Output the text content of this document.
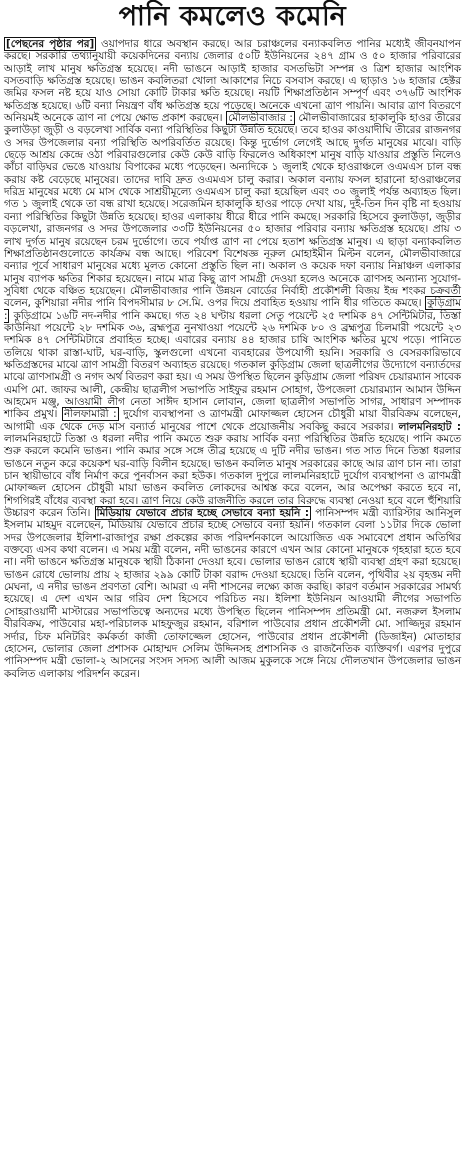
পানি কমলেও কমেনি

[পেছনের পৃষ্ঠার পর] ওয়াপদার ধারে অবস্থান করছে। আর চরাঞ্চলের বন্যাকবলিত পানির মধ্যেই জীবনযাপন করছে। সরকারি তথ্যানুযায়ী কয়েকদিনের বন্যায় জেলার ৫০টি ইউনিয়নের ২৪৭ গ্রাম ও ৫০ হাজার পরিবারের আড়াই লাখ মানুষ ক্ষতিগ্রস্ত হয়েছে। নদী ভাঙনে আড়াই হাজার বসতভিটা সম্পন্ন ও ত্রিশ হাজার আংশিক বসতবাড়ি ক্ষতিগ্রস্ত হয়েছে। ভাঙন কবলিতরা খোলা আকাশের নিচে বসবাস করছে। এ ছাড়াও ১৬ হাজার হেক্টর জমির ফসল নষ্ট হয়ে যাও সোয়া কোটি টাকার ক্ষতি হয়েছে। নয়টি শিক্ষাপ্রতিষ্ঠান সম্পূর্ণ এবং ৩৭৬টি আংশিক ক্ষতিগ্রস্ত হয়েছে। ৬টি বন্যা নিয়ন্ত্রণ বাঁধ ক্ষতিগ্রস্ত হয়ে পড়েছে। অনেকে এখনো ত্রাণ পায়নি। আবার ত্রাণ বিতরণে অনিয়মই অনেকে ত্রাণ না পেয়ে ক্ষোভ প্রকাশ করছেন। মৌলভীবাজার : মৌলভীবাজারের হাকালুকি হাওর তীরের কুলাউড়া জুড়ী ও বড়লেখা সার্বিক বন্যা পরিস্থিতির কিছুটা উন্নতি হয়েছে। তবে হাওর কাওয়াদীঘি তীরের রাজনগর ও সদর উপজেলার বন্যা পরিস্থিতি অপরিবর্তিত রয়েছে। কিন্তু দুর্ভোগ লেগেই আছে দুর্গত মানুষের মাঝে। বাড়ি ছেড়ে আশ্রয় কেন্দ্রে ওঠা পরিবারগুলোর কেউ কেউ বাড়ি ফিরলেও অধিকাংশ মানুষ বাড়ি যাওয়ার প্রস্তুতি নিলেও কাঁচা বাড়িঘর ভেঙে যাওয়ায় বিপাকের মধ্যে পড়েছেন। অন্যদিকে ১ জুলাই থেকে হাওরাঞ্চলে ওএমএস চাল বন্ধ করায় কষ্ট বেড়েছে মানুষের। তাদের দাবি দ্রুত ওএমএস চালু করার। অকাল বন্যায় ফসল হারানো হাওরাঞ্চলের দরিদ্র মানুষের মধ্যে মে মাস থেকে সাশ্রয়ীমূল্যে ওএমএস চালু করা হয়েছিল এবং ৩০ জুলাই পর্যন্ত অব্যাহত ছিল। গত ১ জুলাই থেকে তা বন্ধ রাখা হয়েছে। সরেজমিন হাকালুকি হাওর পাড়ে দেখা যায়, দুই-তিন দিন বৃষ্টি না হওয়ায় বন্যা পরিস্থিতির কিছুটা উন্নতি হয়েছে। হাওর এলাকায় ধীরে ধীরে পানি কমছে। সরকারি হিসেবে কুলাউড়া, জুড়ীর বড়লেখা, রাজনগর ও সদর উপজেলার ৩৩টি ইউনিয়নের ৫০ হাজার পরিবার বন্যায় ক্ষতিগ্রস্ত হয়েছে। প্রায় ৩ লাখ দুর্গত মানুষ রয়েছেন চরম দুর্ভোগে। তবে পর্যাপ্ত ত্রাণ না পেয়ে হতাশ ক্ষতিগ্রস্ত মানুষ। এ ছাড়া বন্যাকবলিত শিক্ষাপ্রতিষ্ঠানগুলোতে কার্যক্রম বন্ধ আছে। পরিবেশ বিশেষজ্ঞ নূরুল মোহাইমীন মিল্টন বলেন, মৌলভীবাজারে বন্যার পূর্বে সাধারণ মানুষের মধ্যে মূলত কোনো প্রস্তুতি ছিল না। অকাল ও কয়েক দফা বন্যায় নিম্নাঞ্চল এলাকার মানুষ ব্যাপক ক্ষতির শিকার হয়েছেন। নামে মাত্র কিছু ত্রাণ সামগ্রী দেওয়া হলেও অনেকে ত্রাণসহ অন্যান্য সুযোগ-সুবিধা থেকে বঞ্চিত হয়েছেন। মৌলভীবাজার পানি উন্নয়ন বোর্ডের নির্বাহী প্রকৌশলী বিজয় ইন্দ্র শংকর চক্রবর্তী বলেন, কুশিয়ারা নদীর পানি বিপদসীমার ৮ সে.মি. ওপর দিয়ে প্রবাহিত হওয়ায় পানি ধীর গতিতে কমছে। কুড়িগ্রাম : কুড়িগ্রামে ১৬টি নদ-নদীর পানি কমছে। গত ২৪ ঘণ্টায় ধরলা সেতু পয়েন্টে ২৫ দশমিক ৪৭ সেন্টিমিটার, তিস্তা কাউনিয়া পয়েন্টে ২৮ দশমিক ৩৬, ব্রহ্মপুত্র নুনখাওয়া পয়েন্টে ২৬ দশমিক ৮০ ও ব্রহ্মপুত্র চিলমারী পয়েন্টে ২৩ দশমিক ৪৭ সেন্টিমিটারে প্রবাহিত হচ্ছে। এবারের বন্যায় ৪৪ হাজার চাষি আংশিক ক্ষতির মুখে পড়ে। পানিতে তলিয়ে থাকা রাস্তা-ঘাট, ঘর-বাড়ি, স্কুলগুলো এখনো ব্যবহারের উপযোগী হয়নি। সরকারি ও বেসরকারিভাবে ক্ষতিগ্রস্তদের মাঝে ত্রাণ সামগ্রী বিতরণ অব্যাহত রয়েছে। গতকাল কুড়িগ্রাম জেলা ছাত্রলীগের উদ্যোগে বন্যার্তদের মাঝে ত্রাণসামগ্রী ও নগদ অর্থ বিতরণ করা হয়। এ সময় উপস্থিত ছিলেন কুড়িগ্রাম জেলা পরিষদ চেয়ারম্যান সাবেক এমপি মো. জাফর আলী, কেন্দ্রীয় ছাত্রলীগ সভাপতি সাইফুর রহমান সোহাগ, উপজেলা চেয়ারম্যান আমান উদ্দিন আহমেদ মঞ্জু, আওয়ামী লীগ নেতা সাঈদ হাসান লোবান, জেলা ছাত্রলীগ সভাপতি সাগর, সাধারণ সম্পাদক শাকিব প্রমুখ। নীলফামারী : দুর্যোগ ব্যবস্থাপনা ও ত্রাণমন্ত্রী মোফাজ্জল হোসেন চৌধুরী মায়া বীরবিক্রম বলেছেন, আগামী এক থেকে দেড় মাস বন্যার্ত মানুষের পাশে থেকে প্রয়োজনীয় সবকিছু করবে সরকার। লালমনিরহাট : লালমনিরহাটে তিস্তা ও ধরলা নদীর পানি কমতে শুরু করায় সার্বিক বন্যা পরিস্থিতির উন্নতি হয়েছে। পানি কমতে শুরু করলে কমেনি ভাঙন। পানি কমার সঙ্গে সঙ্গে তীব্র হয়েছে এ দুটি নদীর ভাঙন। গত সাত দিনে তিস্তা ধরলার ভাঙনে নতুন করে কয়েকশ ঘর-বাড়ি বিলীন হয়েছে। ভাঙন কবলিত মানুষ সরকারের কাছে আর ত্রাণ চান না। তারা চান স্থায়ীভাবে বাঁধ নির্মাণ করে পুনর্বাসন করা হউক। গতকাল দুপুরে লালমনিরহাটে দুর্যোগ ব্যবস্থাপনা ও ত্রাণমন্ত্রী মোফাজ্জল হোসেন চৌধুরী মায়া ভাঙন কবলিত লোকদের আশ্বস্ত করে বলেন, আর অপেক্ষা করতে হবে না, শিগগিরই বাঁধের ব্যবস্থা করা হবে। ত্রাণ নিয়ে কেউ রাজনীতি করলে তার বিরুদ্ধে ব্যবস্থা নেওয়া হবে বলে হুঁশিয়ারি উচ্চারণ করেন তিনি। মিডিয়ায় যেভাবে প্রচার হচ্ছে সেভাবে বন্যা হয়নি : পানিসম্পদ মন্ত্রী ব্যারিস্টার আনিসুল ইসলাম মাহমুদ বলেছেন, মিডিয়ায় যেভাবে প্রচার হচ্ছে সেভাবে বন্যা হয়নি। গতকাল বেলা ১১টার দিকে ভোলা সদর উপজেলার ইলিশা-রাজাপুর রক্ষা প্রকল্পের কাজ পরিদর্শনকালে আয়োজিত এক সমাবেশে প্রধান অতিথির বক্তব্যে এসব কথা বলেন। এ সময় মন্ত্রী বলেন, নদী ভাঙনের কারণে এখন আর কোনো মানুষকে গৃহহারা হতে হবে না। নদী ভাঙনে ক্ষতিগ্রস্ত মানুষকে স্থায়ী ঠিকানা দেওয়া হবে। ভোলার ভাঙন রোধে স্থায়ী ব্যবস্থা গ্রহণ করা হয়েছে। ভাঙন রোধে ভোলায় প্রায় ২ হাজার ২৯৯ কোটি টাকা বরাদ্দ দেওয়া হয়েছে। তিনি বলেন, পৃথিবীর ২য় বৃহত্তম নদী মেঘনা, এ নদীর ভাঙন প্রবণতা বেশি। আমরা এ নদী শাসনের লক্ষ্যে কাজ করছি। কারণ বর্তমান সরকারের সামর্থ্য হয়েছে। এ দেশ এখন আর গরিব দেশ হিসেবে পরিচিত নয়। ইলিশা ইউনিয়ন আওয়ামী লীগের সভাপতি সোহরাওয়ার্দী মাস্টারের সভাপতিত্বে অন্যদের মধ্যে উপস্থিত ছিলেন পানিসম্পদ প্রতিমন্ত্রী মো. নজরুল ইসলাম বীরবিক্রম, পাউবোর মহা-পরিচালক মাহফুজুর রহমান, বরিশাল পাউবোর প্রধান প্রকৌশলী মো. সাজ্জিদুর রহমান সর্দার, চিফ মনিটরিং কর্মকর্তা কাজী তোফাজ্জেল হোসেন, পাউবোর প্রধান প্রকৌশলী (ডিজাইন) মোতাহার হোসেন, ভোলার জেলা প্রশাসক মোহাম্মদ সেলিম উদ্দিনসহ প্রশাসনিক ও রাজনৈতিক ব্যক্তিবর্গ। এরপর দুপুরে পানিসম্পদ মন্ত্রী ভোলা-২ আসনের সংসদ সদস্য আলী আজম মুকুলকে সঙ্গে নিয়ে দৌলতখান উপজেলার ভাঙন কবলিত এলাকায় পরিদর্শন করেন।
